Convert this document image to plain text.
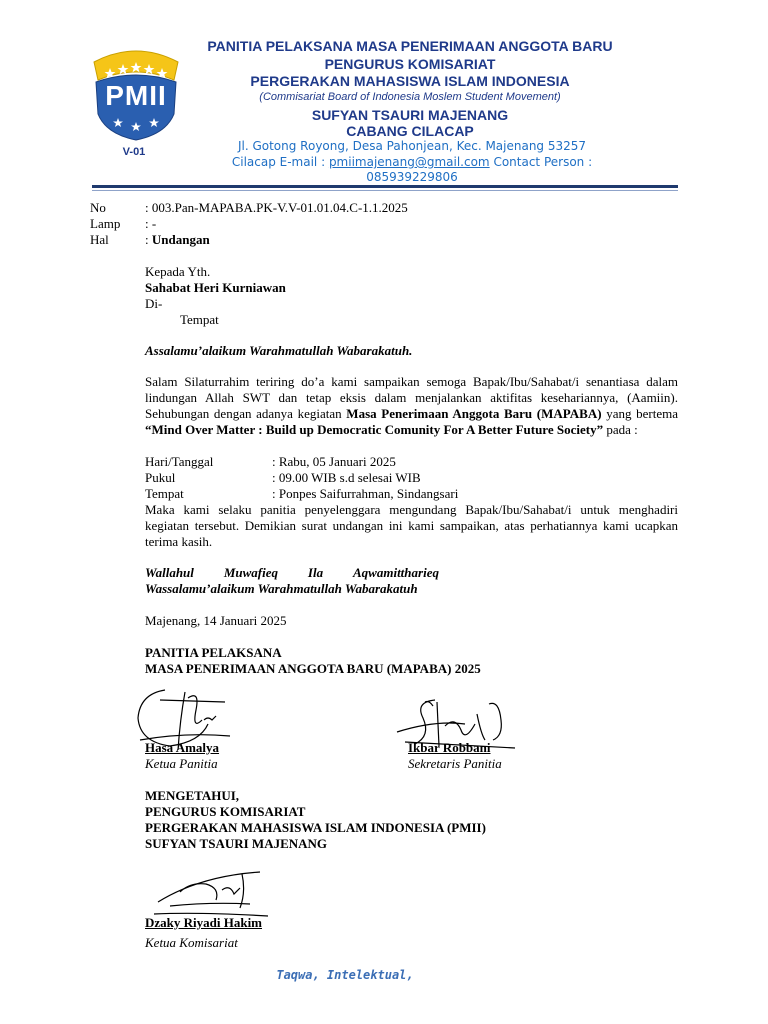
PMII
V-01
PANITIA PELAKSANA MASA PENERIMAAN ANGGOTA BARU
PENGURUS KOMISARIAT
PERGERAKAN MAHASISWA ISLAM INDONESIA
(Commisariat Board of Indonesia Moslem Student Movement)
SUFYAN TSAURI MAJENANG
CABANG CILACAP
Jl. Gotong Royong, Desa Pahonjean, Kec. Majenang 53257
Cilacap E-mail : pmiimajenang@gmail.com Contact Person :
085939229806
No	: 003.Pan-MAPABA.PK-V.V-01.01.04.C-1.1.2025
Lamp : -
Hal	: Undangan
Kepada Yth.
Sahabat Heri Kurniawan
Di-
Tempat
Assalamu’alaikum Warahmatullah Wabarakatuh.
Salam Silaturrahim teriring do’a kami sampaikan semoga Bapak/Ibu/Sahabat/i senantiasa dalam lindungan Allah SWT dan tetap eksis dalam menjalankan aktifitas kesehariannya, (Aamiin). Sehubungan dengan adanya kegiatan Masa Penerimaan Anggota Baru (MAPABA) yang bertema “Mind Over Matter : Build up Democratic Comunity For A Better Future Society” pada :
Hari/Tanggal	: Rabu, 05 Januari 2025
Pukul	: 09.00 WIB s.d selesai WIB
Tempat	: Ponpes Saifurrahman, Sindangsari
Maka kami selaku panitia penyelenggara mengundang Bapak/Ibu/Sahabat/i untuk menghadiri kegiatan tersebut. Demikian surat undangan ini kami sampaikan, atas perhatiannya kami ucapkan terima kasih.
Wallahul Muwafieq Ila Aqwamitthariеq
Wassalamu’alaikum Warahmatullah Wabarakatuh
Majenang, 14 Januari 2025
PANITIA PELAKSANA
MASA PENERIMAAN ANGGOTA BARU (MAPABA) 2025
Hasa Amalya
Ketua Panitia
Ikbar Robbani
Sekretaris Panitia
MENGETAHUI,
PENGURUS KOMISARIAT
PERGERAKAN MAHASISWA ISLAM INDONESIA (PMII)
SUFYAN TSAURI MAJENANG
Dzaky Riyadi Hakim
Ketua Komisariat
Taqwa, Intelektual,
